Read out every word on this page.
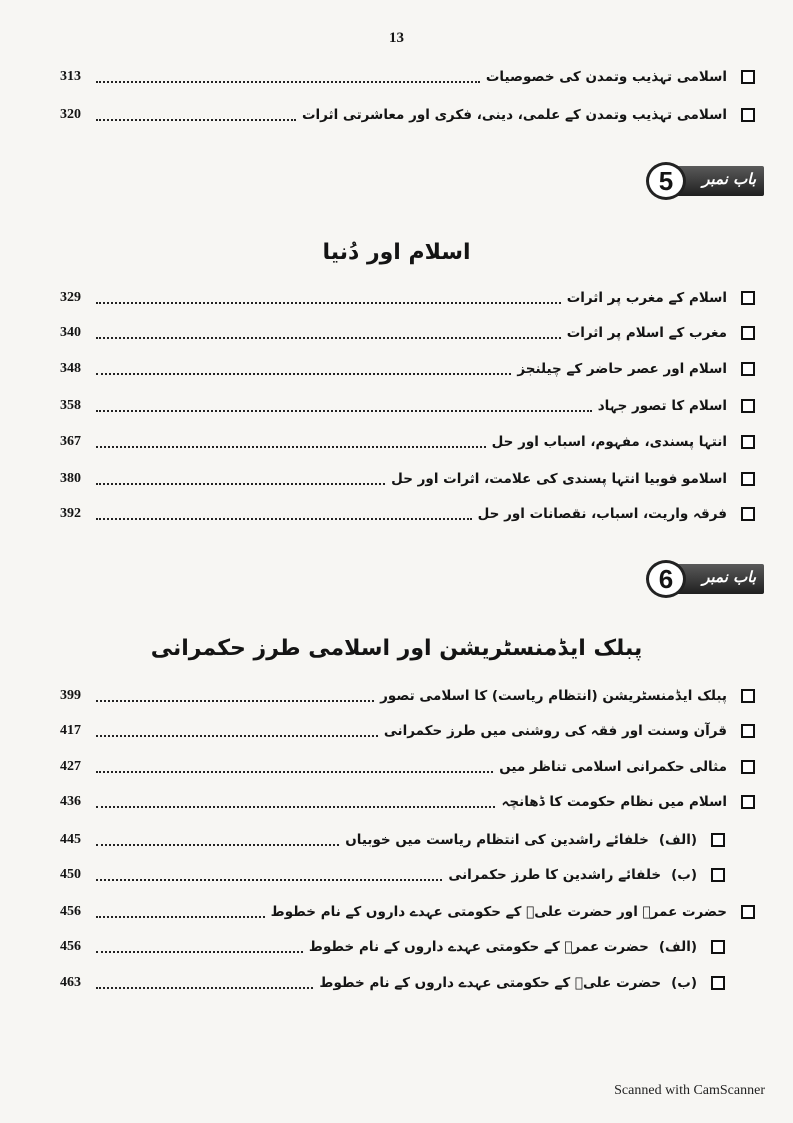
13
اسلامی تہذیب وتمدن کی خصوصیات
313
اسلامی تہذیب وتمدن کے علمی، دینی، فکری اور معاشرتی اثرات
320
باب نمبر
5
اسلام اور دُنیا
اسلام کے مغرب پر اثرات
329
مغرب کے اسلام پر اثرات
340
اسلام اور عصر حاضر کے چیلنجز
348
اسلام کا تصور جہاد
358
انتہا پسندی، مفہوم، اسباب اور حل
367
اسلامو فوبیا انتہا پسندی کی علامت، اثرات اور حل
380
فرقہ واریت، اسباب، نقصانات اور حل
392
باب نمبر
6
پبلک ایڈمنسٹریشن اور اسلامی طرز حکمرانی
پبلک ایڈمنسٹریشن (انتظام ریاست) کا اسلامی تصور
399
قرآن وسنت اور فقہ کی روشنی میں طرز حکمرانی
417
مثالی حکمرانی اسلامی تناظر میں
427
اسلام میں نظام حکومت کا ڈھانچہ
436
(الف)
خلفائے راشدین کی انتظام ریاست میں خوبیاں
445
(ب)
خلفائے راشدین کا طرز حکمرانی
450
حضرت عمرؓ اور حضرت علیؓ کے حکومتی عہدے داروں کے نام خطوط
456
(الف)
حضرت عمرؓ کے حکومتی عہدے داروں کے نام خطوط
456
(ب)
حضرت علیؓ کے حکومتی عہدے داروں کے نام خطوط
463
Scanned with CamScanner
